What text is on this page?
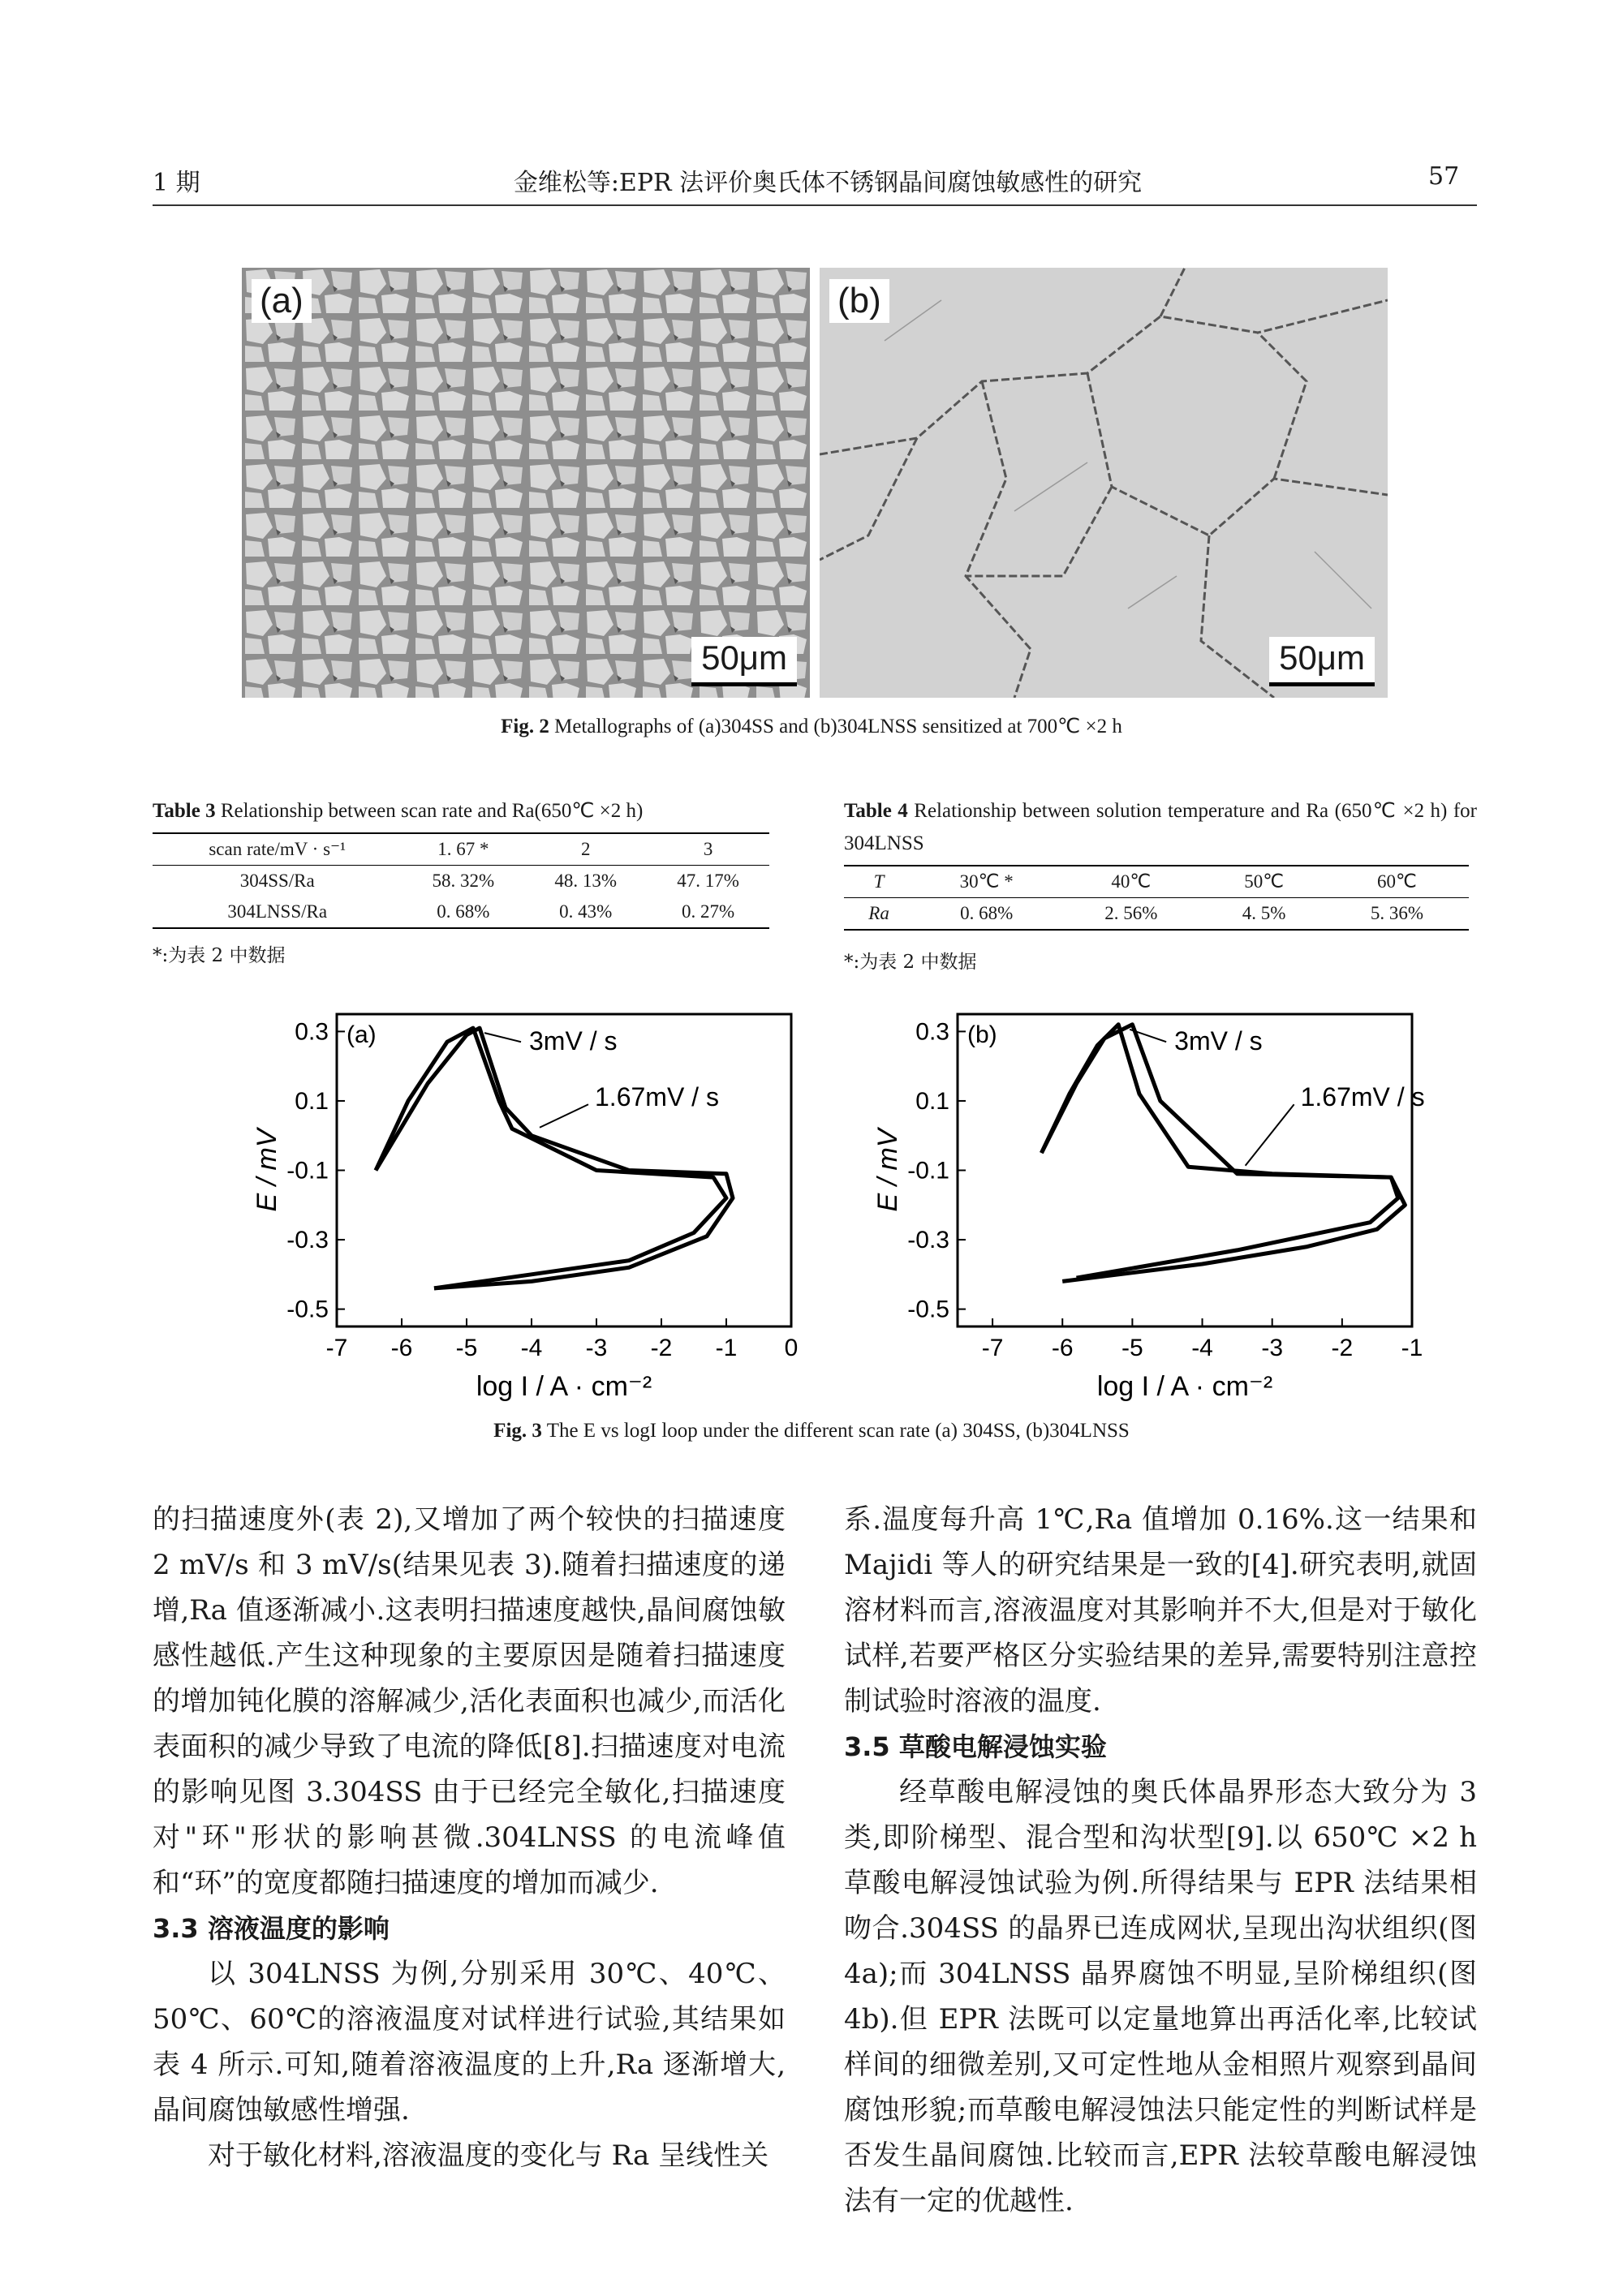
1 期	金维松等:EPR 法评价奥氏体不锈钢晶间腐蚀敏感性的研究	57
(a)
50μm
(b)
50μm
Fig. 2 Metallographs of (a)304SS and (b)304LNSS sensitized at 700℃ ×2 h
Table 3 Relationship between scan rate and Ra(650℃ ×2 h)
scan rate/mV · s⁻¹	1. 67 *	2	3
304SS/Ra	58. 32%	48. 13%	47. 17%
304LNSS/Ra	0. 68%	0. 43%	0. 27%
*:为表 2 中数据
Table 4 Relationship between solution temperature and Ra (650℃ ×2 h) for 304LNSS
T	30℃ *	40℃	50℃	60℃
Ra	0. 68%	2. 56%	4. 5%	5. 36%
*:为表 2 中数据
-7 -6 -5 -4 -3 -2 -1 0
0.3
0.1
-0.1
-0.3
-0.5
log I / A · cm⁻²
E / mV
(a)	3mV / s
1.67mV / s
-7 -6 -5 -4 -3 -2 -1
0.3
0.1
-0.1
-0.3
-0.5
log I / A · cm⁻²
E / mV
(b)	3mV / s
1.67mV / s
Fig. 3 The E vs logI loop under the different scan rate (a) 304SS, (b)304LNSS

的扫描速度外(表 2),又增加了两个较快的扫描速度 2 mV/s 和 3 mV/s(结果见表 3).随着扫描速度的递增,Ra 值逐渐减小.这表明扫描速度越快,晶间腐蚀敏感性越低.产生这种现象的主要原因是随着扫描速度的增加钝化膜的溶解减少,活化表面积也减少,而活化表面积的减少导致了电流的降低[8].扫描速度对电流的影响见图 3.304SS 由于已经完全敏化,扫描速度对"环"形状的影响甚微.304LNSS 的电流峰值和“环”的宽度都随扫描速度的增加而减少.

3.3 溶液温度的影响

以 304LNSS 为例,分别采用 30℃、40℃、50℃、60℃的溶液温度对试样进行试验,其结果如表 4 所示.可知,随着溶液温度的上升,Ra 逐渐增大,晶间腐蚀敏感性增强.

对于敏化材料,溶液温度的变化与 Ra 呈线性关

系.温度每升高 1℃,Ra 值增加 0.16%.这一结果和 Majidi 等人的研究结果是一致的[4].研究表明,就固溶材料而言,溶液温度对其影响并不大,但是对于敏化试样,若要严格区分实验结果的差异,需要特别注意控制试验时溶液的温度.

3.5 草酸电解浸蚀实验

经草酸电解浸蚀的奥氏体晶界形态大致分为 3 类,即阶梯型、混合型和沟状型[9].以 650℃ ×2 h 草酸电解浸蚀试验为例.所得结果与 EPR 法结果相吻合.304SS 的晶界已连成网状,呈现出沟状组织(图 4a);而 304LNSS 晶界腐蚀不明显,呈阶梯组织(图 4b).但 EPR 法既可以定量地算出再活化率,比较试样间的细微差别,又可定性地从金相照片观察到晶间腐蚀形貌;而草酸电解浸蚀法只能定性的判断试样是否发生晶间腐蚀.比较而言,EPR 法较草酸电解浸蚀法有一定的优越性.
